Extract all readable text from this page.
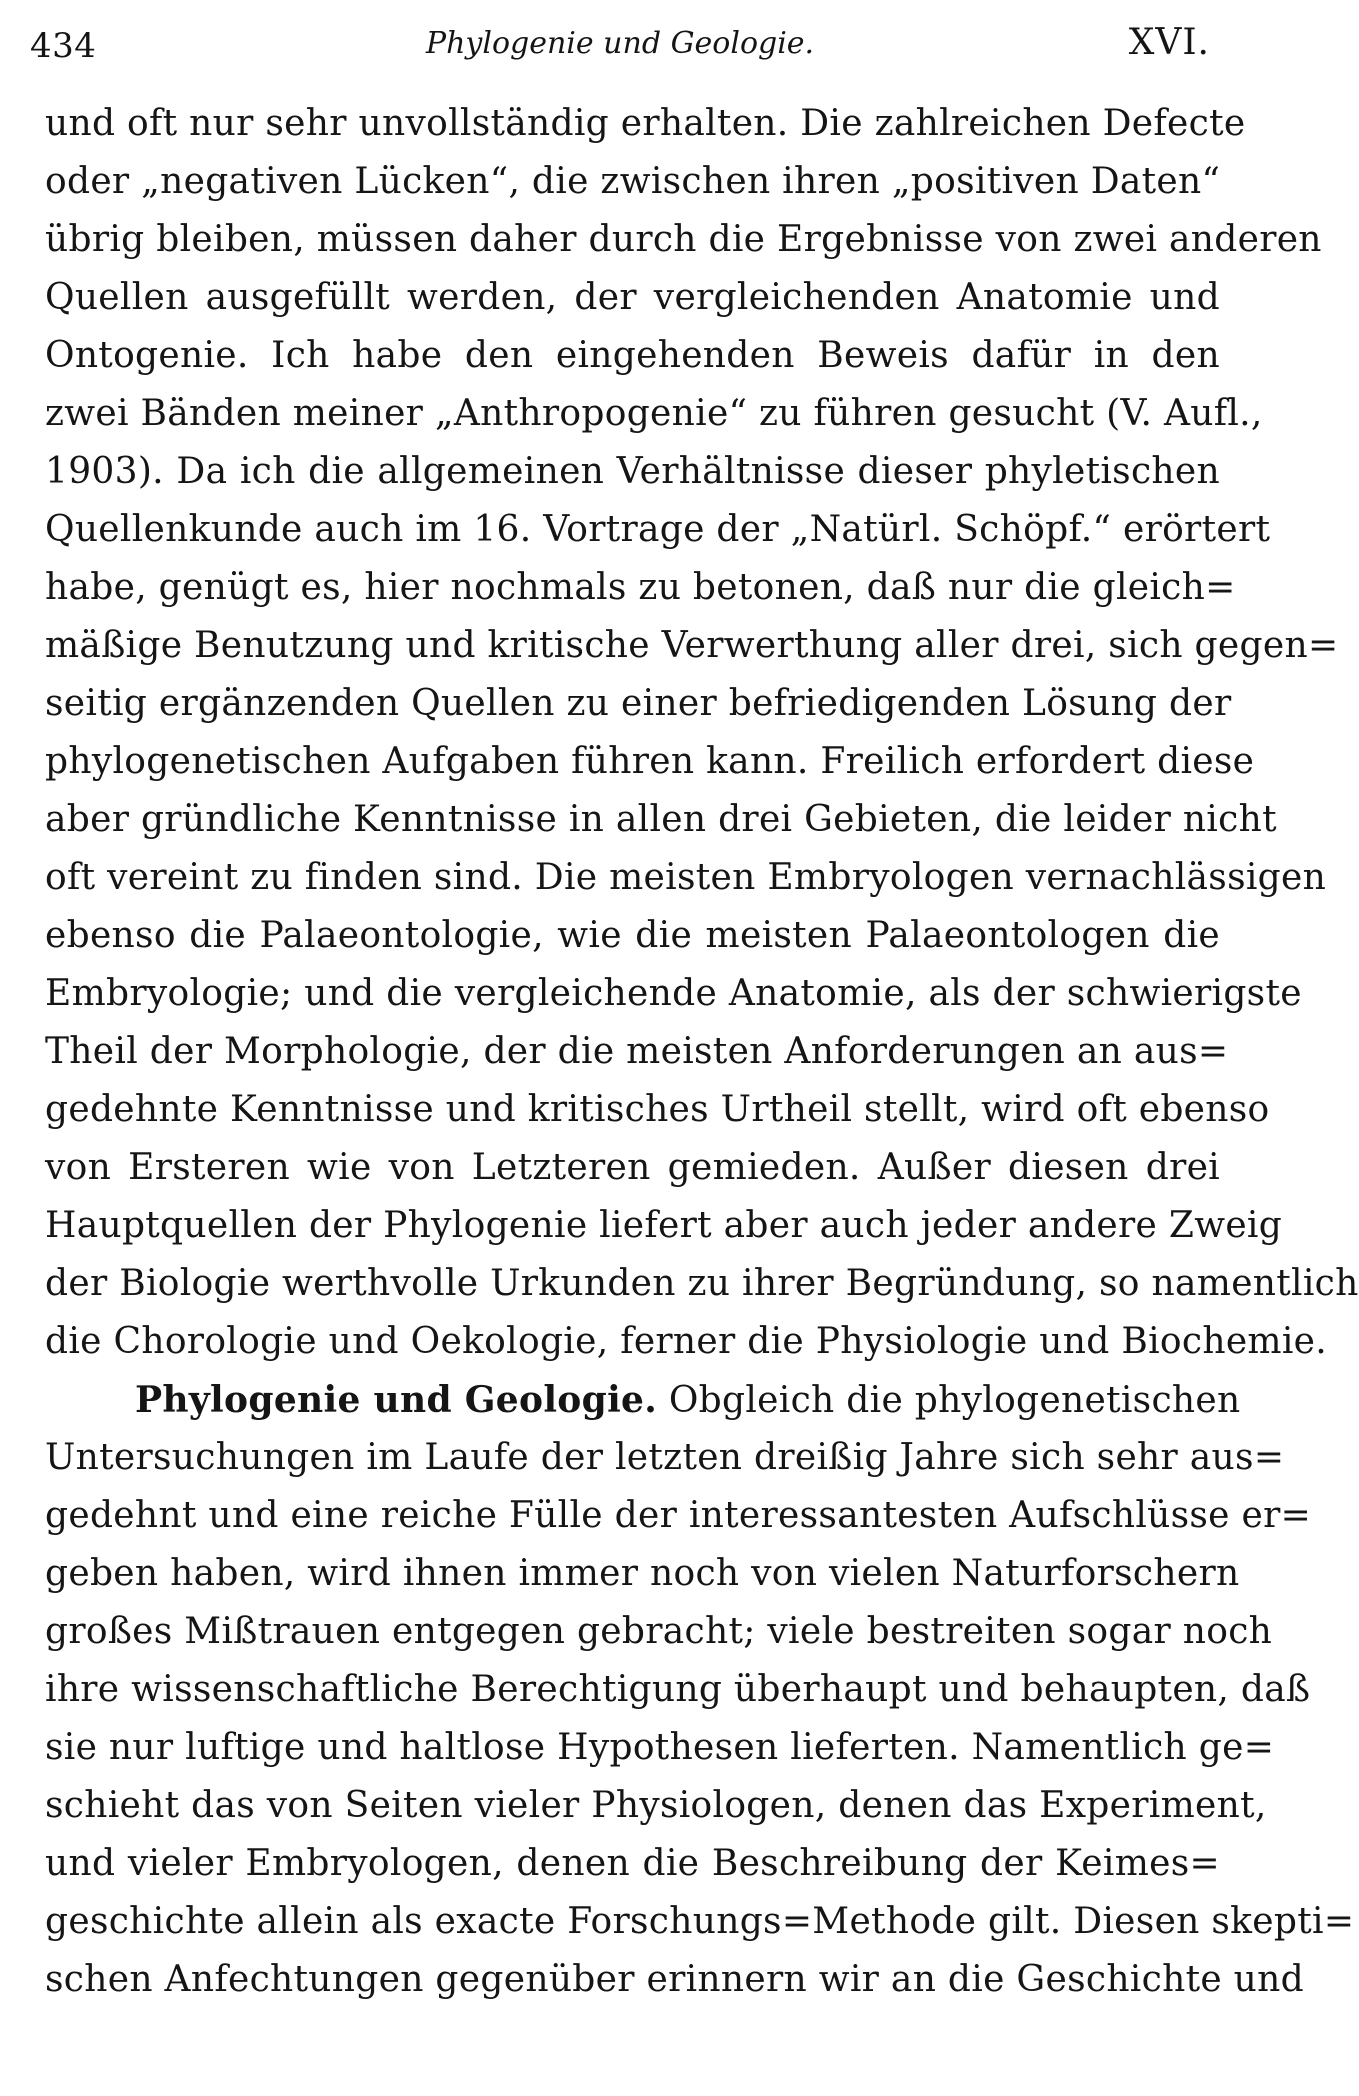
434	Phylogenie und Geologie.	XVI.
und oft nur sehr unvollständig erhalten. Die zahlreichen Defecte
oder „negativen Lücken“, die zwischen ihren „positiven Daten“
übrig bleiben, müssen daher durch die Ergebnisse von zwei anderen
Quellen ausgefüllt werden, der vergleichenden Anatomie und
Ontogenie. Ich habe den eingehenden Beweis dafür in den
zwei Bänden meiner „Anthropogenie“ zu führen gesucht (V. Aufl.,
1903). Da ich die allgemeinen Verhältnisse dieser phyletischen
Quellenkunde auch im 16. Vortrage der „Natürl. Schöpf.“ erörtert
habe, genügt es, hier nochmals zu betonen, daß nur die gleich=
mäßige Benutzung und kritische Verwerthung aller drei, sich gegen=
seitig ergänzenden Quellen zu einer befriedigenden Lösung der
phylogenetischen Aufgaben führen kann. Freilich erfordert diese
aber gründliche Kenntnisse in allen drei Gebieten, die leider nicht
oft vereint zu finden sind. Die meisten Embryologen vernachlässigen
ebenso die Palaeontologie, wie die meisten Palaeontologen die
Embryologie; und die vergleichende Anatomie, als der schwierigste
Theil der Morphologie, der die meisten Anforderungen an aus=
gedehnte Kenntnisse und kritisches Urtheil stellt, wird oft ebenso
von Ersteren wie von Letzteren gemieden. Außer diesen drei
Hauptquellen der Phylogenie liefert aber auch jeder andere Zweig
der Biologie werthvolle Urkunden zu ihrer Begründung, so namentlich
die Chorologie und Oekologie, ferner die Physiologie und Biochemie.
Phylogenie und Geologie. Obgleich die phylogenetischen
Untersuchungen im Laufe der letzten dreißig Jahre sich sehr aus=
gedehnt und eine reiche Fülle der interessantesten Aufschlüsse er=
geben haben, wird ihnen immer noch von vielen Naturforschern
großes Mißtrauen entgegen gebracht; viele bestreiten sogar noch
ihre wissenschaftliche Berechtigung überhaupt und behaupten, daß
sie nur luftige und haltlose Hypothesen lieferten. Namentlich ge=
schieht das von Seiten vieler Physiologen, denen das Experiment,
und vieler Embryologen, denen die Beschreibung der Keimes=
geschichte allein als exacte Forschungs=Methode gilt. Diesen skepti=
schen Anfechtungen gegenüber erinnern wir an die Geschichte und
